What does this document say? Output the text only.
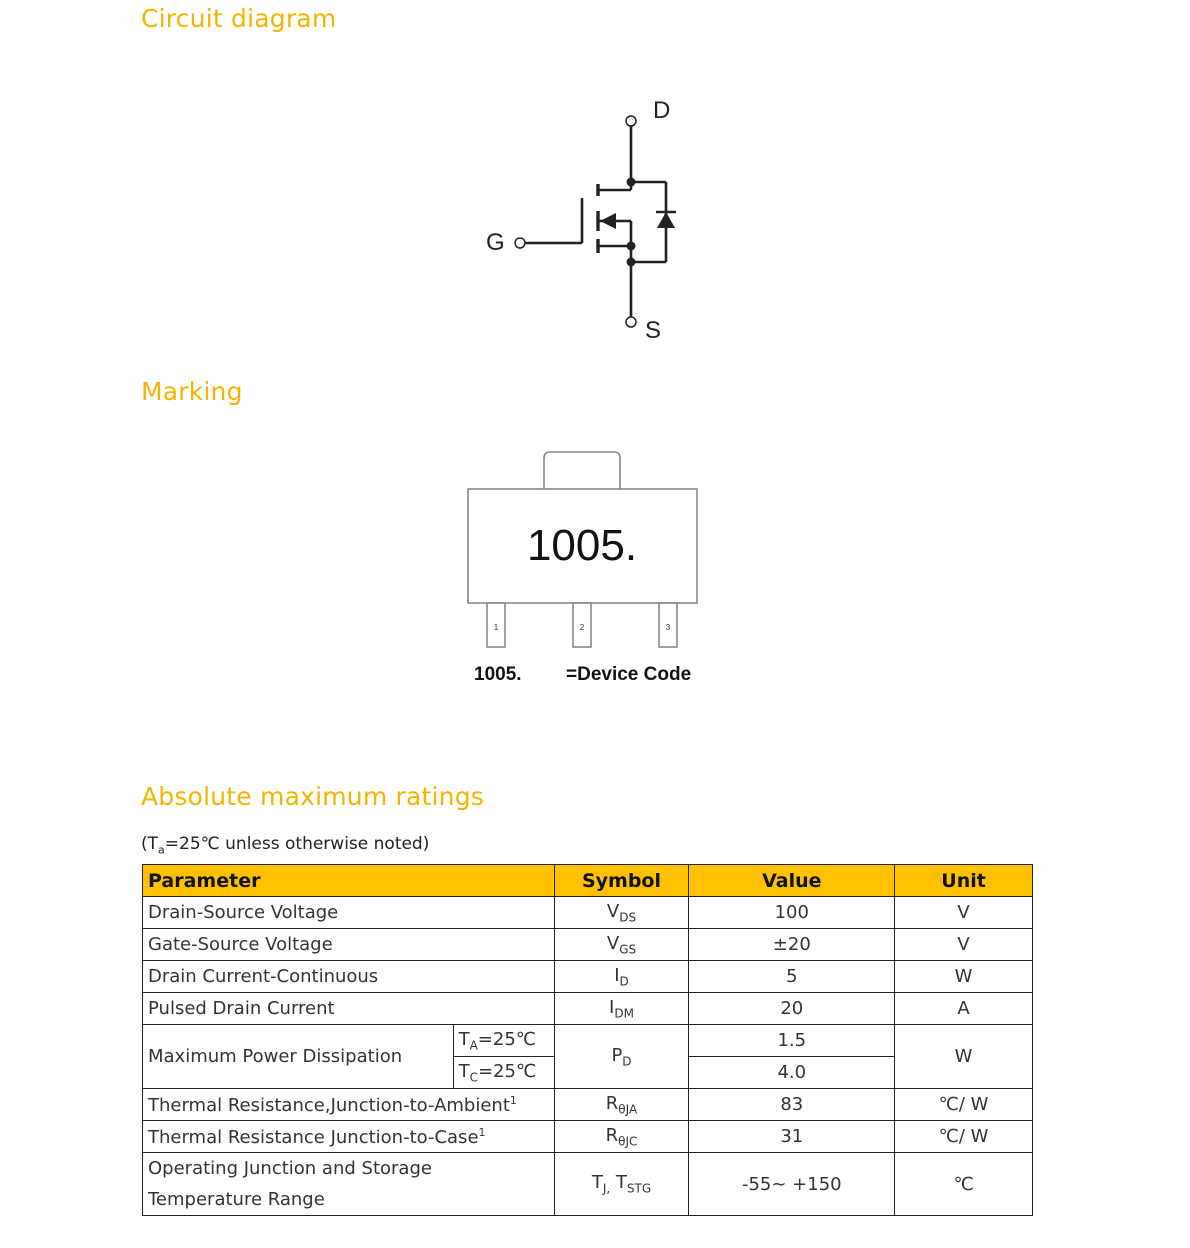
Circuit diagram
D
G
S
Marking
1005.
1	2	3
1005. =Device Code
Absolute maximum ratings
($T_a=25℃$ unless otherwise noted)
Parameter		Symbol	Value	Unit
Drain-Source Voltage		$V_{DS}$	100	V
Gate-Source Voltage		$V_{GS}$	±20	V
Drain Current-Continuous		$I_D$	5	W
Pulsed Drain Current		$I_{DM}$	20	A
Maximum Power Dissipation	$T_A=25℃$	$P_D$	1.5	W
	$T_C=25℃$		4.0	
Thermal Resistance,Junction-to-Ambient$^1$		$R_{\theta JA}$	83	℃/ W
Thermal Resistance Junction-to-Case$^1$		$R_{\theta JC}$	31	℃/ W

Operating Junction and Storage
Temperature Range		$T_{J,}$ $T_{STG}$	-55~ +150	℃
